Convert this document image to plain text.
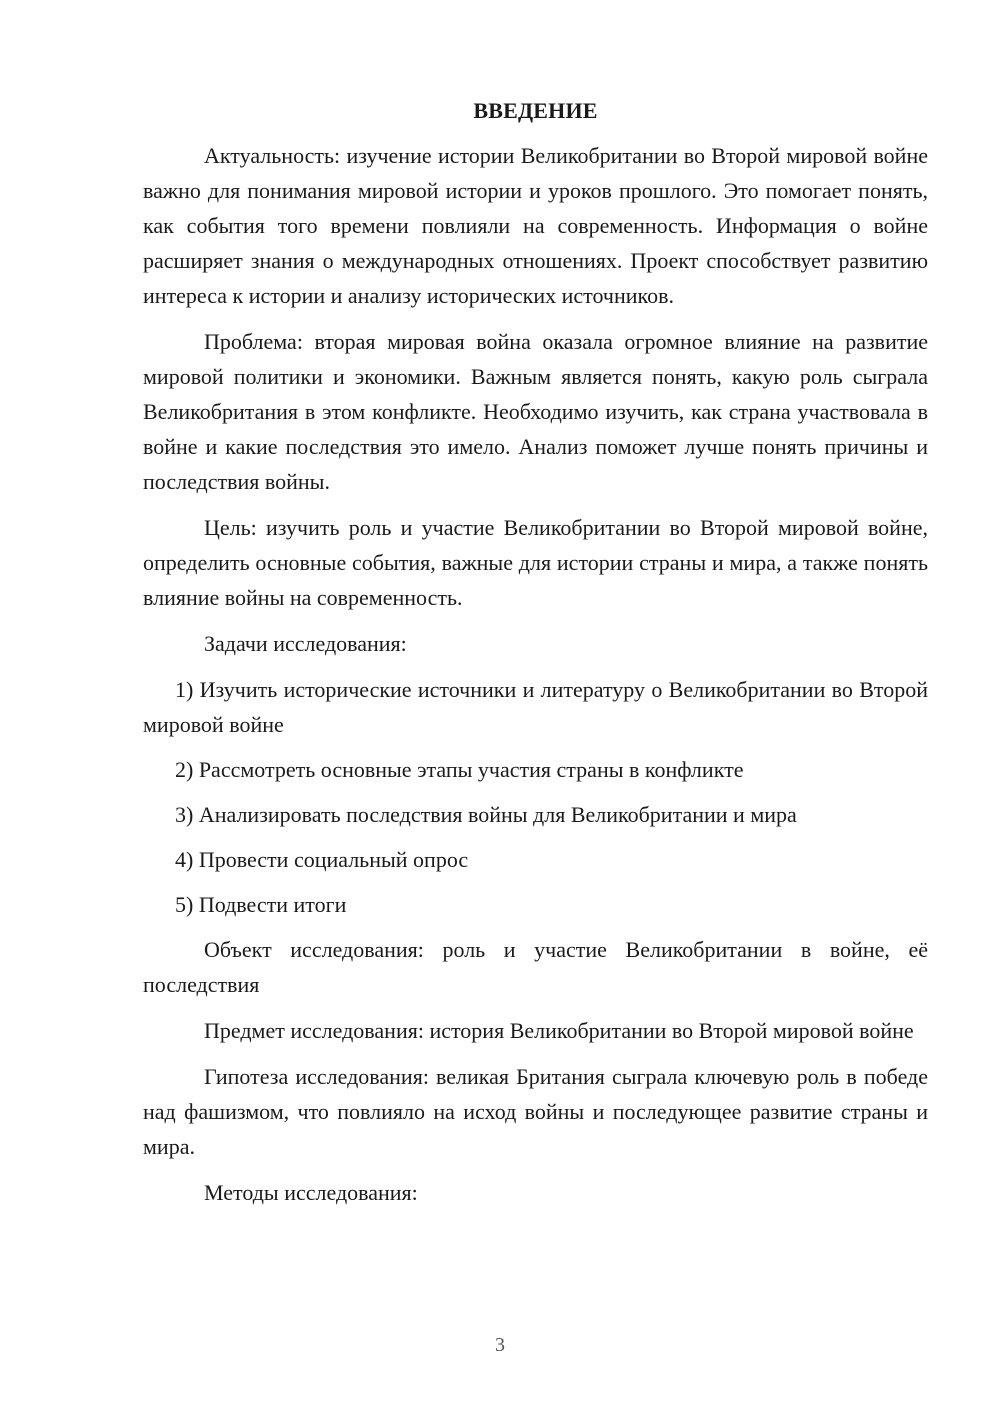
ВВЕДЕНИЕ

Актуальность: изучение истории Великобритании во Второй мировой войне важно для понимания мировой истории и уроков прошлого. Это помогает понять, как события того времени повлияли на современность. Информация о войне расширяет знания о международных отношениях. Проект способствует развитию интереса к истории и анализу исторических источников.

Проблема: вторая мировая война оказала огромное влияние на развитие мировой политики и экономики. Важным является понять, какую роль сыграла Великобритания в этом конфликте. Необходимо изучить, как страна участвовала в войне и какие последствия это имело. Анализ поможет лучше понять причины и последствия войны.

Цель: изучить роль и участие Великобритании во Второй мировой войне, определить основные события, важные для истории страны и мира, а также понять влияние войны на современность.

Задачи исследования:

1) Изучить исторические источники и литературу о Великобритании во Второй мировой войне

2) Рассмотреть основные этапы участия страны в конфликте

3) Анализировать последствия войны для Великобритании и мира

4) Провести социальный опрос

5) Подвести итоги

Объект исследования: роль и участие Великобритании в войне, её последствия

Предмет исследования: история Великобритании во Второй мировой войне

Гипотеза исследования: великая Британия сыграла ключевую роль в победе над фашизмом, что повлияло на исход войны и последующее развитие страны и мира.

Методы исследования:

3
